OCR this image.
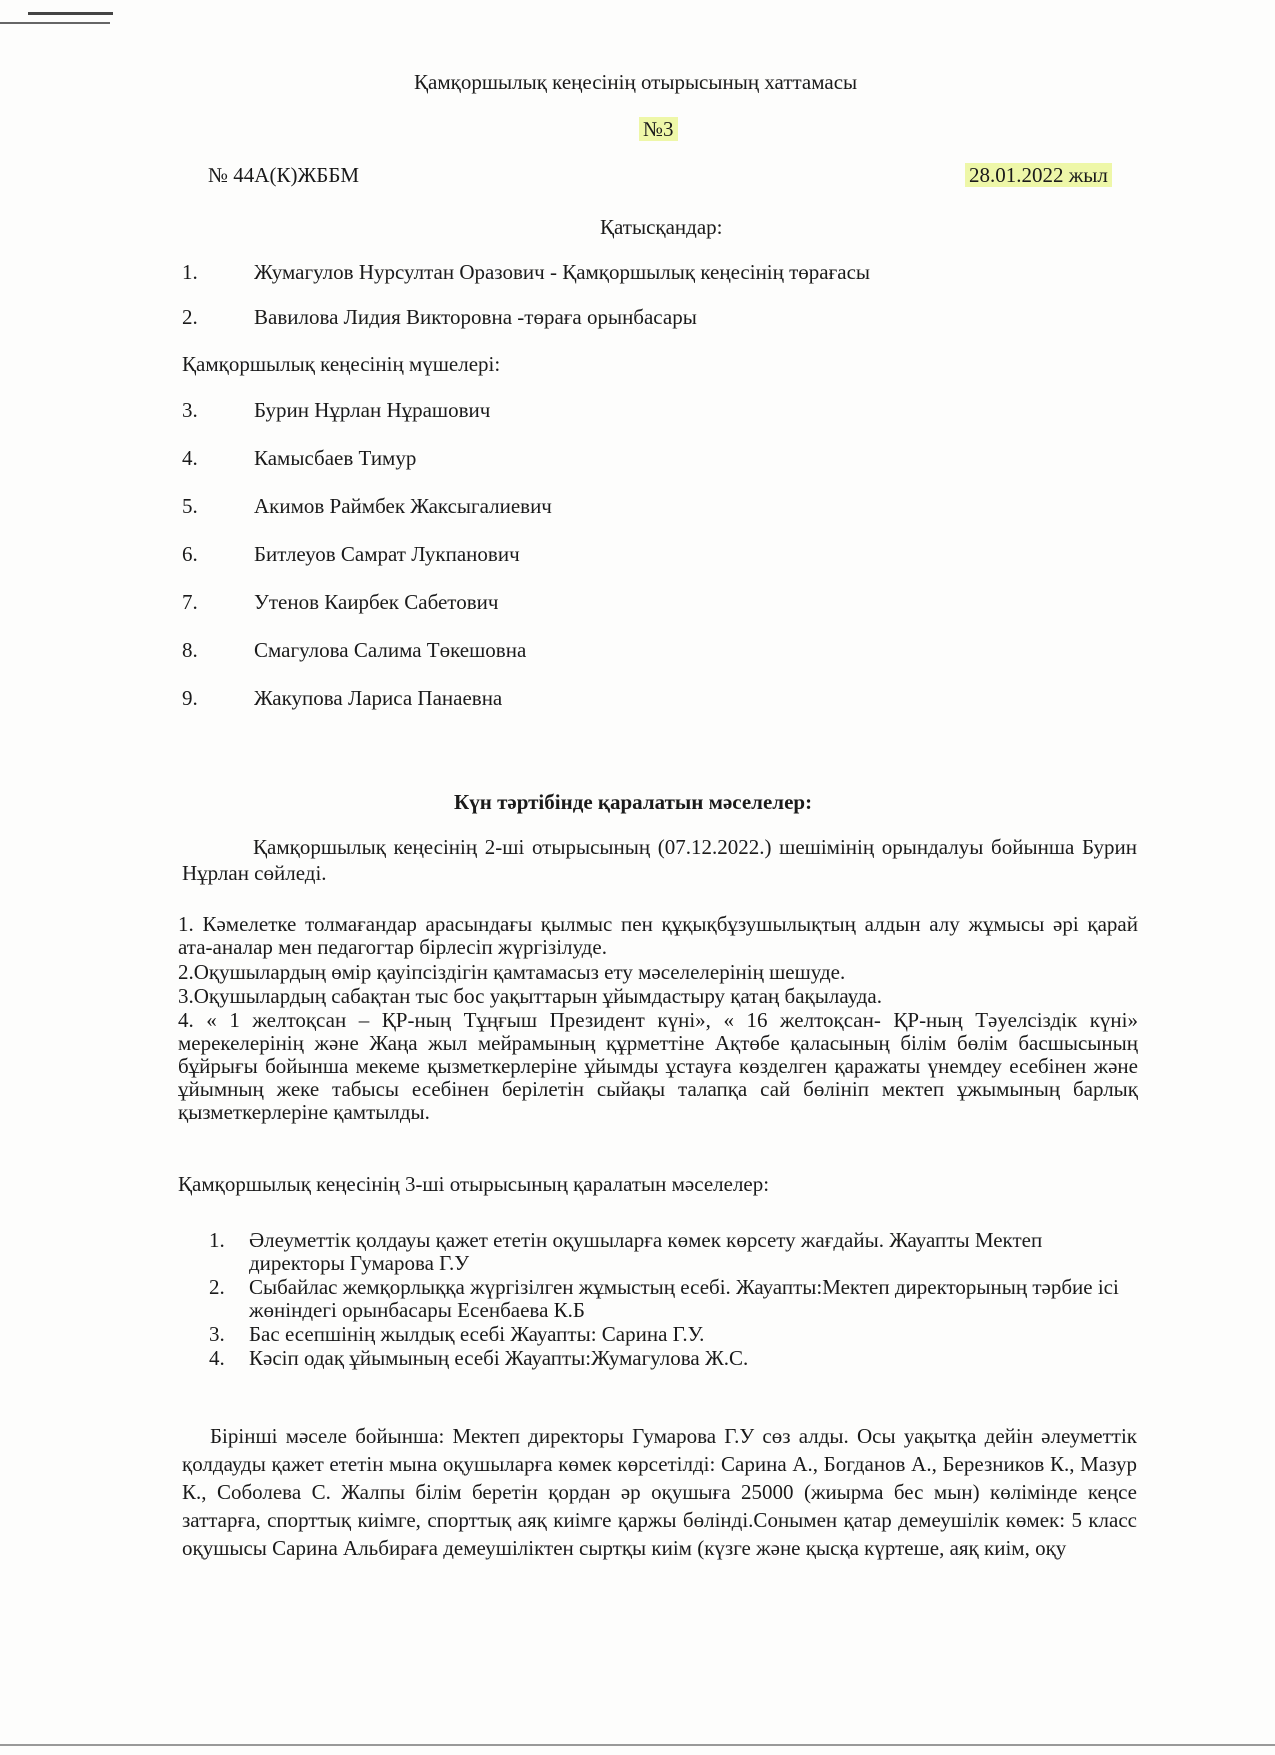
Қамқоршылық кеңесінің отырысының хаттамасы
№3
№ 44А(К)ЖББМ	28.01.2022 жыл
Қатысқандар:
1.	Жумагулов Нурсултан Оразович - Қамқоршылық кеңесінің төрағасы
2.	Вавилова Лидия Викторовна -төраға орынбасары
Қамқоршылық кеңесінің мүшелері:
3.	Бурин Нұрлан Нұрашович
4.	Камысбаев Тимур
5.	Акимов Раймбек Жаксыгалиевич
6.	Битлеуов Самрат Лукпанович
7.	Утенов Каирбек Сабетович
8.	Смагулова Салима Төкешовна
9.	Жакупова Лариса Панаевна
Күн тәртібінде қаралатын мәселелер:
Қамқоршылық кеңесінің 2-ші отырысының (07.12.2022.) шешімінің орындалуы бойынша Бурин Нұрлан сөйледі.
1. Кәмелетке толмағандар арасындағы қылмыс пен құқықбұзушылықтың алдын алу жұмысы әрі қарай ата-аналар мен педагогтар бірлесіп жүргізілуде.
2.Оқушылардың өмір қауіпсіздігін қамтамасыз ету мәселелерінің шешуде.
3.Оқушылардың сабақтан тыс бос уақыттарын ұйымдастыру қатаң бақылауда.
4. « 1 желтоқсан – ҚР-ның Тұңғыш Президент күні», « 16 желтоқсан- ҚР-ның Тәуелсіздік күні» мерекелерінің және Жаңа жыл мейрамының құрметтіне Ақтөбе қаласының білім бөлім басшысының бұйрығы бойынша мекеме қызметкерлеріне ұйымды ұстауға көзделген қаражаты үнемдеу есебінен және ұйымның жеке табысы есебінен берілетін сыйақы талапқа сай бөлініп мектеп ұжымының барлық қызметкерлеріне қамтылды.
Қамқоршылық кеңесінің 3-ші отырысының қаралатын мәселелер:
1.	Әлеуметтік қолдауы қажет ететін оқушыларға көмек көрсету жағдайы. Жауапты Мектеп директоры Гумарова Г.У
2.	Сыбайлас жемқорлыққа жүргізілген жұмыстың есебі. Жауапты:Мектеп директорының тәрбие ісі жөніндегі орынбасары Есенбаева К.Б
3.	Бас есепшінің жылдық есебі Жауапты: Сарина Г.У.
4.	Кәсіп одақ ұйымының есебі Жауапты:Жумагулова Ж.С.
Бірінші мәселе бойынша: Мектеп директоры Гумарова Г.У сөз алды. Осы уақытқа дейін әлеуметтік қолдауды қажет ететін мына оқушыларға көмек көрсетілді: Сарина А., Богданов А., Березников К., Мазур К., Соболева С. Жалпы білім беретін қордан әр оқушыға 25000 (жиырма бес мын) көлімінде кеңсе заттарға, спорттық киімге, спорттық аяқ киімге қаржы бөлінді.Сонымен қатар демеушілік көмек: 5 класс оқушысы Сарина Альбираға демеушіліктен сыртқы киім (күзге және қысқа күртеше, аяқ киім, оқу
